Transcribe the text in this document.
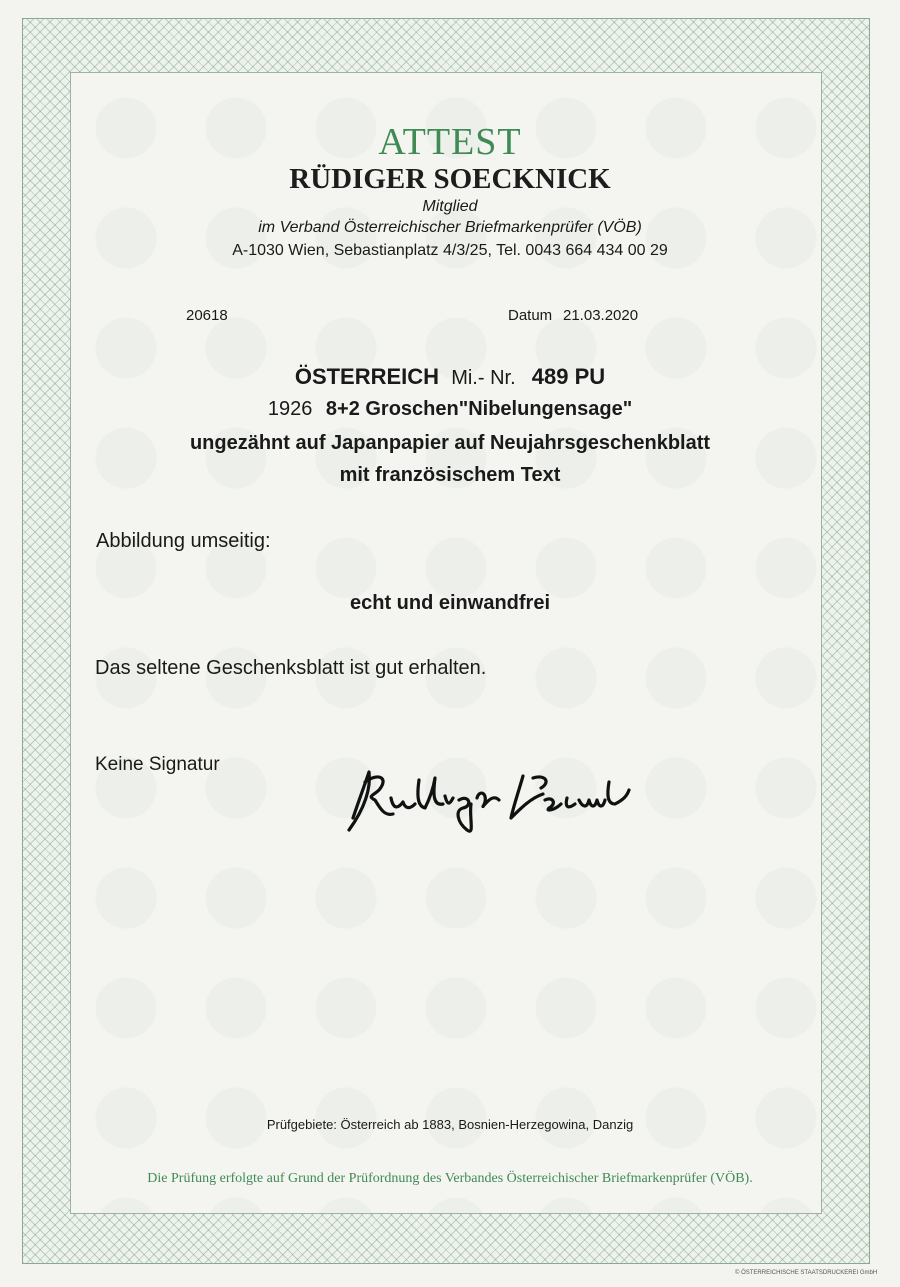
ATTEST
RÜDIGER SOECKNICK
Mitglied
im Verband Österreichischer Briefmarkenprüfer (VÖB)
A-1030 Wien, Sebastianplatz 4/3/25, Tel. 0043 664 434 00 29
20618	Datum 21.03.2020
ÖSTERREICH Mi.- Nr. 489 PU
1926 8+2 Groschen"Nibelungensage"
ungezähnt auf Japanpapier auf Neujahrsgeschenkblatt
mit französischem Text
Abbildung umseitig:
echt und einwandfrei
Das seltene Geschenksblatt ist gut erhalten.
Keine Signatur
Prüfgebiete: Österreich ab 1883, Bosnien-Herzegowina, Danzig
Die Prüfung erfolgte auf Grund der Prüfordnung des Verbandes Österreichischer Briefmarkenprüfer (VÖB).
© ÖSTERREICHISCHE STAATSDRUCKEREI GmbH
